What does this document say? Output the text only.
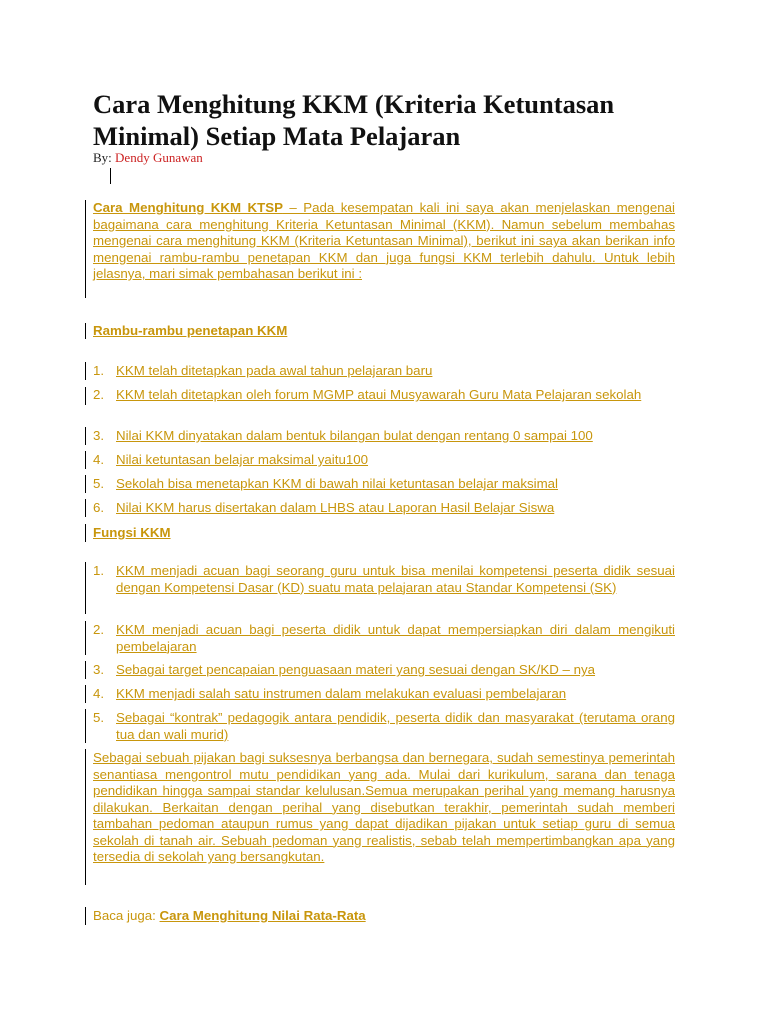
Cara Menghitung KKM (Kriteria Ketuntasan Minimal) Setiap Mata Pelajaran
By: Dendy Gunawan

Cara Menghitung KKM KTSP – Pada kesempatan kali ini saya akan menjelaskan mengenai bagaimana cara menghitung Kriteria Ketuntasan Minimal (KKM). Namun sebelum membahas mengenai cara menghitung KKM (Kriteria Ketuntasan Minimal), berikut ini saya akan berikan info mengenai rambu-rambu penetapan KKM dan juga fungsi KKM terlebih dahulu. Untuk lebih jelasnya, mari simak pembahasan berikut ini :

Rambu-rambu penetapan KKM
1. KKM telah ditetapkan pada awal tahun pelajaran baru
2. KKM telah ditetapkan oleh forum MGMP ataui Musyawarah Guru Mata Pelajaran sekolah
3. Nilai KKM dinyatakan dalam bentuk bilangan bulat dengan rentang 0 sampai 100
4. Nilai ketuntasan belajar maksimal yaitu100
5. Sekolah bisa menetapkan KKM di bawah nilai ketuntasan belajar maksimal
6. Nilai KKM harus disertakan dalam LHBS atau Laporan Hasil Belajar Siswa
Fungsi KKM
1. KKM menjadi acuan bagi seorang guru untuk bisa menilai kompetensi peserta didik sesuai dengan Kompetensi Dasar (KD) suatu mata pelajaran atau Standar Kompetensi (SK)
2. KKM menjadi acuan bagi peserta didik untuk dapat mempersiapkan diri dalam mengikuti pembelajaran
3. Sebagai target pencapaian penguasaan materi yang sesuai dengan SK/KD – nya
4. KKM menjadi salah satu instrumen dalam melakukan evaluasi pembelajaran
5. Sebagai “kontrak” pedagogik antara pendidik, peserta didik dan masyarakat (terutama orang tua dan wali murid)

Sebagai sebuah pijakan bagi suksesnya berbangsa dan bernegara, sudah semestinya pemerintah senantiasa mengontrol mutu pendidikan yang ada. Mulai dari kurikulum, sarana dan tenaga pendidikan hingga sampai standar kelulusan.Semua merupakan perihal yang memang harusnya dilakukan. Berkaitan dengan perihal yang disebutkan terakhir, pemerintah sudah memberi tambahan pedoman ataupun rumus yang dapat dijadikan pijakan untuk setiap guru di semua sekolah di tanah air. Sebuah pedoman yang realistis, sebab telah mempertimbangkan apa yang tersedia di sekolah yang bersangkutan.

Baca juga: Cara Menghitung Nilai Rata-Rata
